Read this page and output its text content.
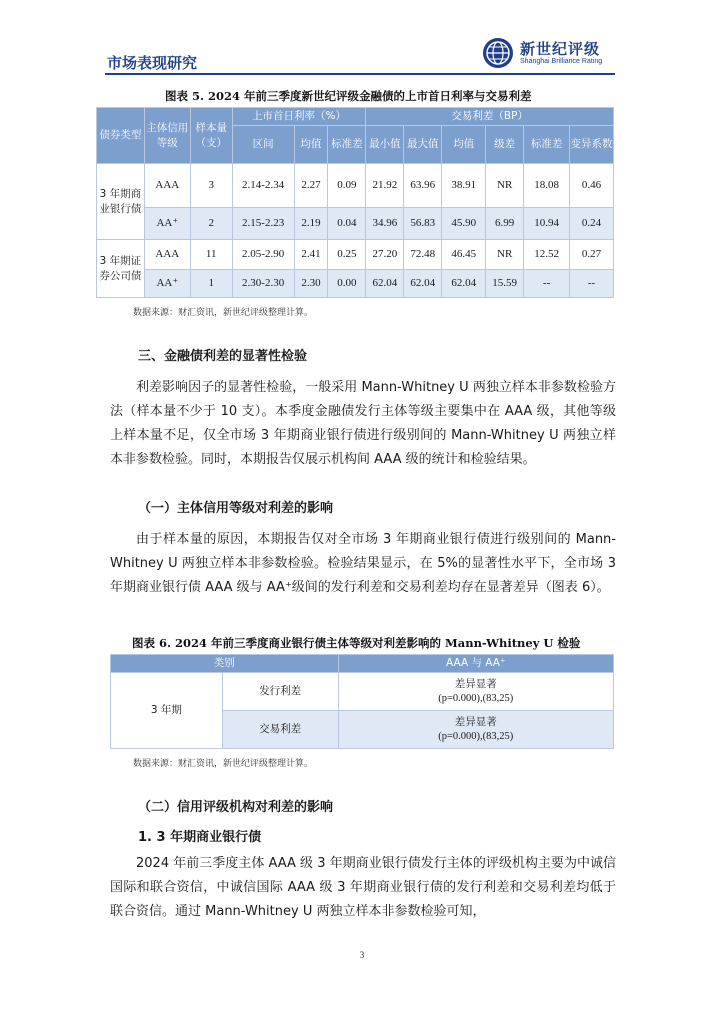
市场表现研究
新世纪评级
Shanghai Brilliance Rating
图表 5. 2024 年前三季度新世纪评级金融债的上市首日利率与交易利差
债券类型	主体信用等级	样本量（支）	上市首日利率（%）			交易利差（BP）					
			区间	均值	标准差	最小值	最大值	均值	级差	标准差	变异系数
3 年期商业银行债	AAA	3	2.14-2.34	2.27	0.09	21.92	63.96	38.91	NR	18.08	0.46
	AA⁺	2	2.15-2.23	2.19	0.04	34.96	56.83	45.90	6.99	10.94	0.24
3 年期证券公司债	AAA	11	2.05-2.90	2.41	0.25	27.20	72.48	46.45	NR	12.52	0.27
	AA⁺	1	2.30-2.30	2.30	0.00	62.04	62.04	62.04	15.59	--	--
数据来源：财汇资讯，新世纪评级整理计算。
三、金融债利差的显著性检验
利差影响因子的显著性检验，一般采用 Mann-Whitney U 两独立样本非参数检验方法（样本量不少于 10 支）。本季度金融债发行主体等级主要集中在 AAA 级，其他等级上样本量不足，仅全市场 3 年期商业银行债进行级别间的 Mann-Whitney U 两独立样本非参数检验。同时，本期报告仅展示机构间 AAA 级的统计和检验结果。
（一）主体信用等级对利差的影响
由于样本量的原因，本期报告仅对全市场 3 年期商业银行债进行级别间的 Mann-Whitney U 两独立样本非参数检验。检验结果显示，在 5%的显著性水平下，全市场 3 年期商业银行债 AAA 级与 AA⁺级间的发行利差和交易利差均存在显著差异（图表 6）。
图表 6. 2024 年前三季度商业银行债主体等级对利差影响的 Mann-Whitney U 检验
类别		AAA 与 AA⁺
3 年期	发行利差	差异显著
(p=0.000),(83,25)

	交易利差	差异显著
(p=0.000),(83,25)
数据来源：财汇资讯，新世纪评级整理计算。
（二）信用评级机构对利差的影响
1. 3 年期商业银行债
2024 年前三季度主体 AAA 级 3 年期商业银行债发行主体的评级机构主要为中诚信国际和联合资信，中诚信国际 AAA 级 3 年期商业银行债的发行利差和交易利差均低于联合资信。通过 Mann-Whitney U 两独立样本非参数检验可知，
3
